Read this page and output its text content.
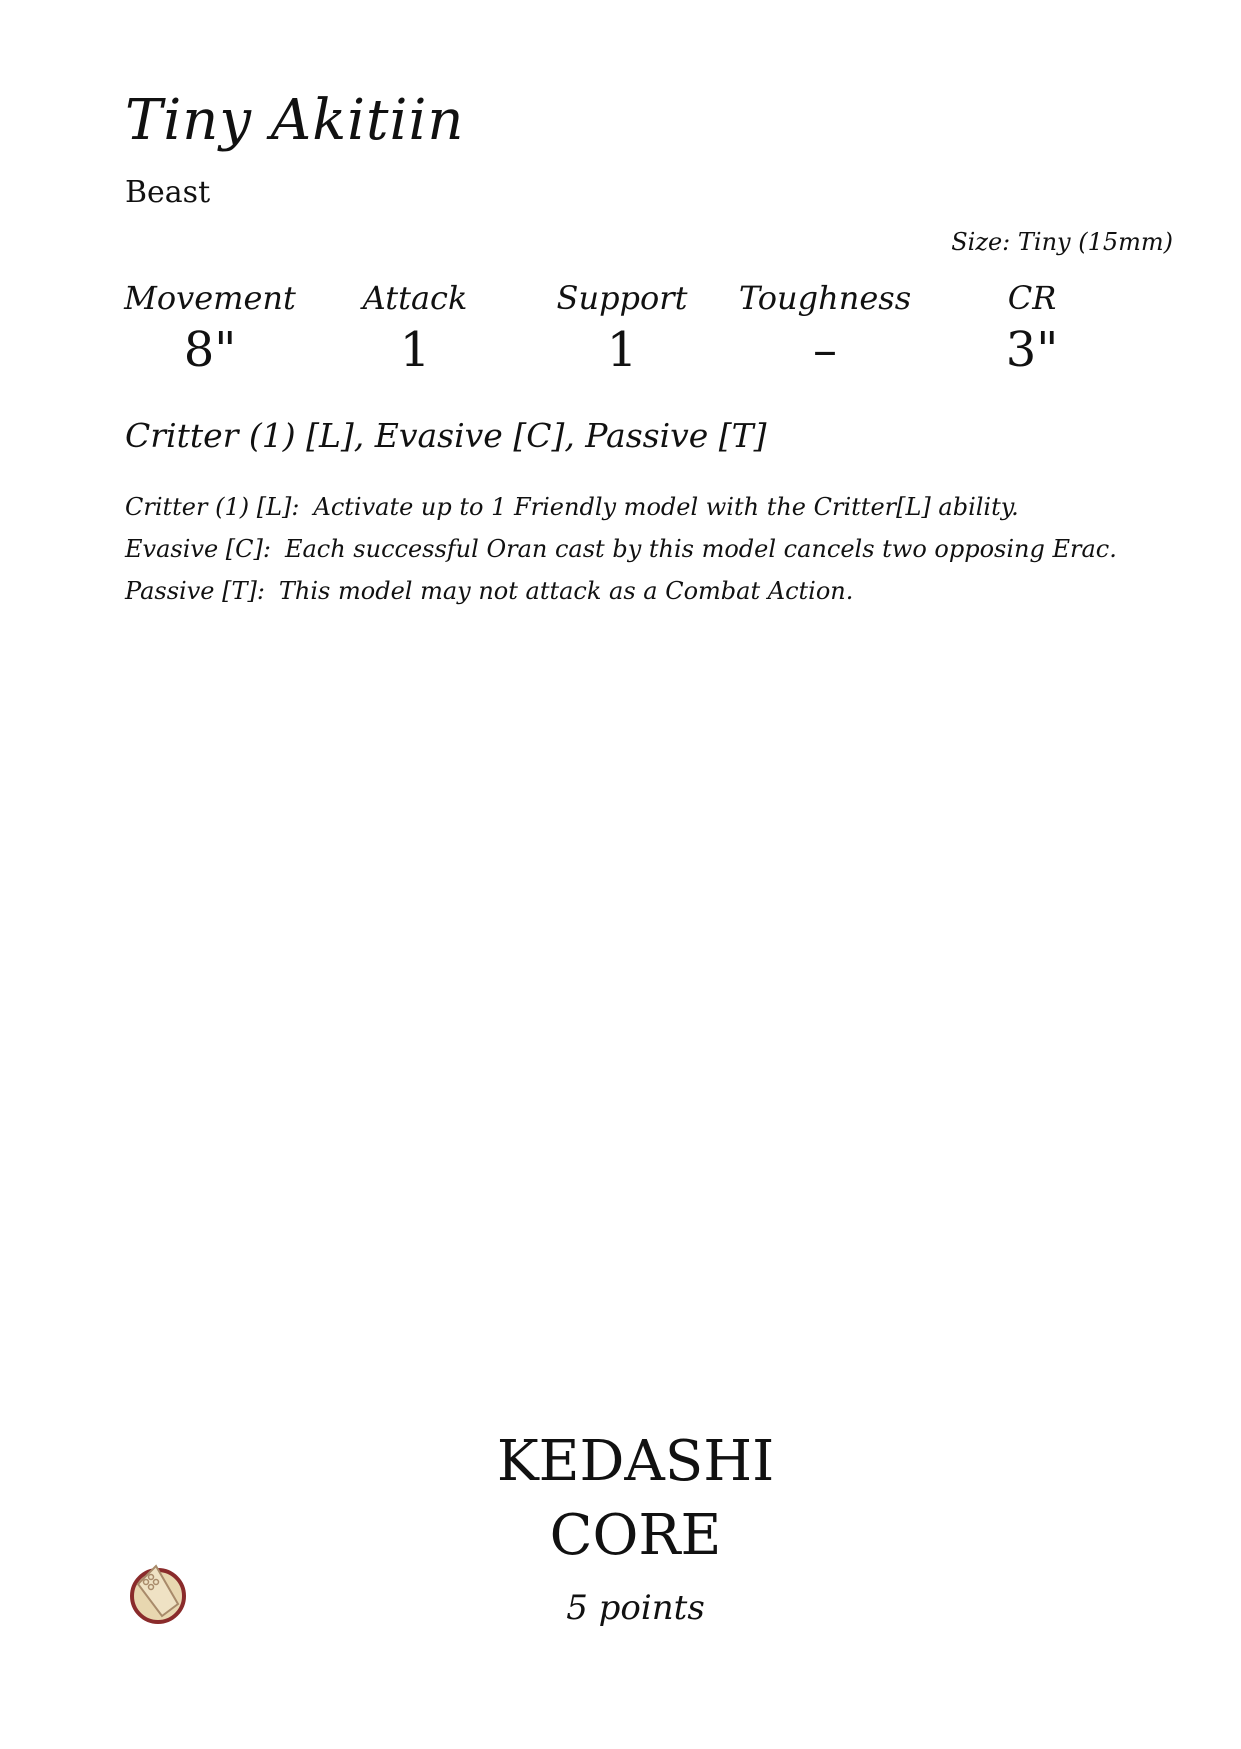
Tiny Akitiin
Beast
Size: Tiny (15mm)
Movement
8"
Attack
1
Support
1
Toughness
–
CR
3"
Critter (1) [L], Evasive [C], Passive [T]
Critter (1) [L]: Activate up to 1 Friendly model with the Critter[L] ability.
Evasive [C]: Each successful Oran cast by this model cancels two opposing Erac.
Passive [T]: This model may not attack as a Combat Action.
KEDASHI
CORE
5 points
